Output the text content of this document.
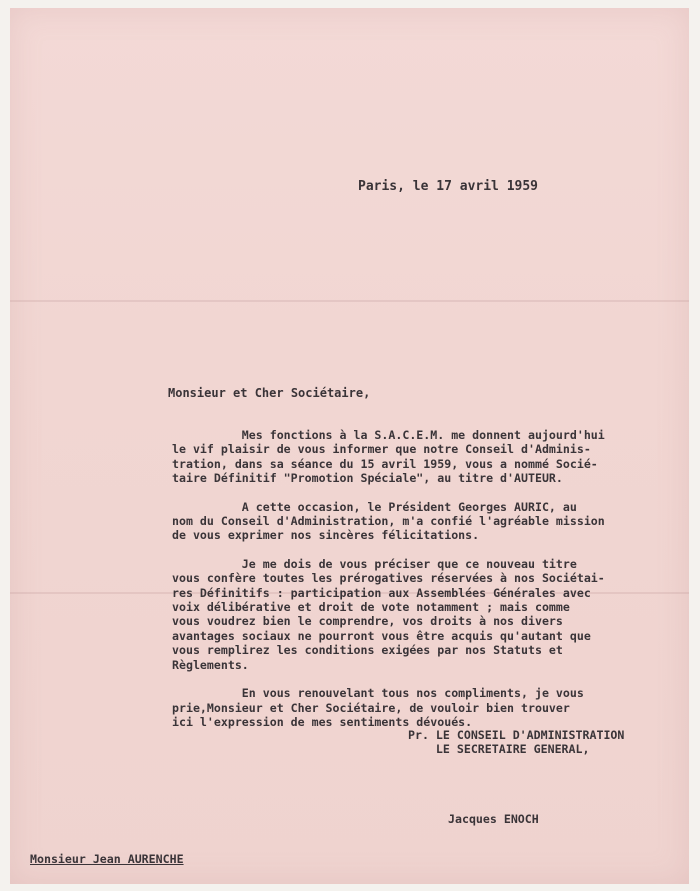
Paris, le 17 avril 1959
Monsieur et Cher Sociétaire,

Mes fonctions à la S.A.C.E.M. me donnent aujourd'hui
le vif plaisir de vous informer que notre Conseil d'Adminis-
tration, dans sa séance du 15 avril 1959, vous a nommé Socié-
taire Définitif "Promotion Spéciale", au titre d'AUTEUR.

A cette occasion, le Président Georges AURIC, au
nom du Conseil d'Administration, m'a confié l'agréable mission
de vous exprimer nos sincères félicitations.

Je me dois de vous préciser que ce nouveau titre
vous confère toutes les prérogatives réservées à nos Sociétai-
res Définitifs : participation aux Assemblées Générales avec
voix délibérative et droit de vote notamment ; mais comme
vous voudrez bien le comprendre, vos droits à nos divers
avantages sociaux ne pourront vous être acquis qu'autant que
vous remplirez les conditions exigées par nos Statuts et
Règlements.

En vous renouvelant tous nos compliments, je vous
prie,Monsieur et Cher Sociétaire, de vouloir bien trouver
ici l'expression de mes sentiments dévoués.

Pr. LE CONSEIL D'ADMINISTRATION
LE SECRETAIRE GENERAL,
Jacques ENOCH
Monsieur Jean AURENCHE
